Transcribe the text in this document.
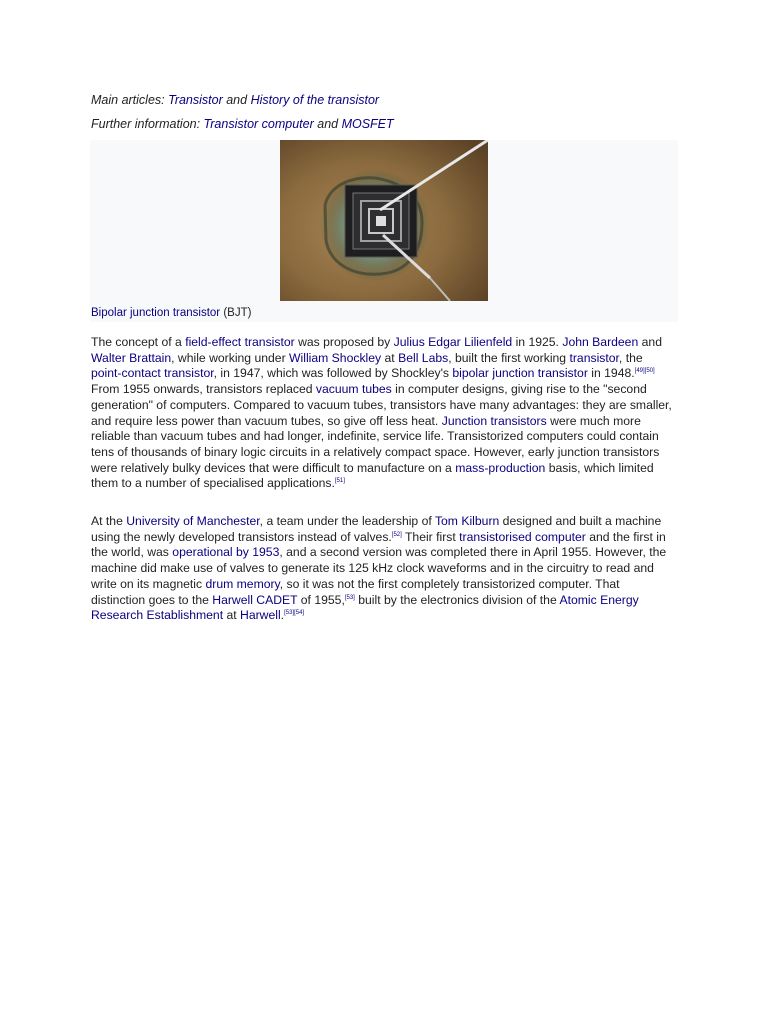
Main articles: Transistor and History of the transistor
Further information: Transistor computer and MOSFET
Bipolar junction transistor (BJT)
The concept of a field-effect transistor was proposed by Julius Edgar Lilienfeld in 1925. John Bardeen and Walter Brattain, while working under William Shockley at Bell Labs, built the first working transistor, the point-contact transistor, in 1947, which was followed by Shockley's bipolar junction transistor in 1948.[49][50] From 1955 onwards, transistors replaced vacuum tubes in computer designs, giving rise to the "second generation" of computers. Compared to vacuum tubes, transistors have many advantages: they are smaller, and require less power than vacuum tubes, so give off less heat. Junction transistors were much more reliable than vacuum tubes and had longer, indefinite, service life. Transistorized computers could contain tens of thousands of binary logic circuits in a relatively compact space. However, early junction transistors were relatively bulky devices that were difficult to manufacture on a mass-production basis, which limited them to a number of specialised applications.[51]
At the University of Manchester, a team under the leadership of Tom Kilburn designed and built a machine using the newly developed transistors instead of valves.[52] Their first transistorised computer and the first in the world, was operational by 1953, and a second version was completed there in April 1955. However, the machine did make use of valves to generate its 125 kHz clock waveforms and in the circuitry to read and write on its magnetic drum memory, so it was not the first completely transistorized computer. That distinction goes to the Harwell CADET of 1955,[53] built by the electronics division of the Atomic Energy Research Establishment at Harwell.[53][54]
